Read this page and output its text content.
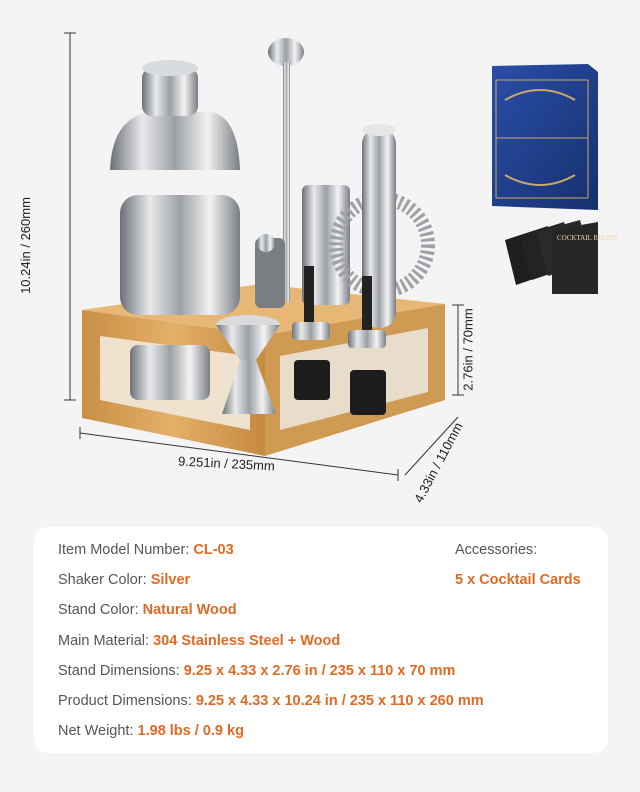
COCKTAIL RECIPE
10.24in / 260mm
2.76in / 70mm
9.251in / 235mm	4.33in / 110mm
Item Model Number: CL-03
Shaker Color: Silver
Stand Color: Natural Wood
Main Material: 304 Stainless Steel + Wood
Stand Dimensions: 9.25 x 4.33 x 2.76 in / 235 x 110 x 70 mm
Product Dimensions: 9.25 x 4.33 x 10.24 in / 235 x 110 x 260 mm
Net Weight: 1.98 lbs / 0.9 kg
Accessories:
5 x Cocktail Cards
